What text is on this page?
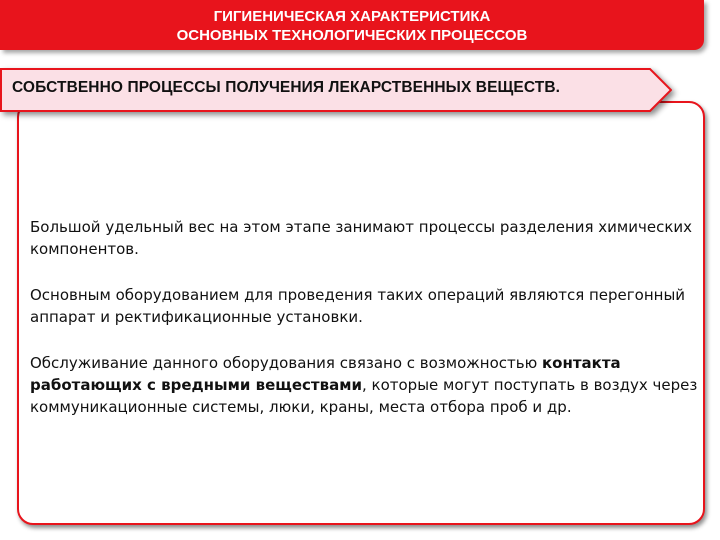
ГИГИЕНИЧЕСКАЯ ХАРАКТЕРИСТИКА
ОСНОВНЫХ ТЕХНОЛОГИЧЕСКИХ ПРОЦЕССОВ
СОБСТВЕННО ПРОЦЕССЫ ПОЛУЧЕНИЯ ЛЕКАРСТВЕННЫХ ВЕЩЕСТВ.

Большой удельный вес на этом этапе занимают процессы разделения химических компонентов.

Основным оборудованием для проведения таких операций являются перегонный аппарат и ректификационные установки.

Обслуживание данного оборудования связано с возможностью контакта работающих с вредными веществами, которые могут поступать в воздух через коммуникационные системы, люки, краны, места отбора проб и др.
